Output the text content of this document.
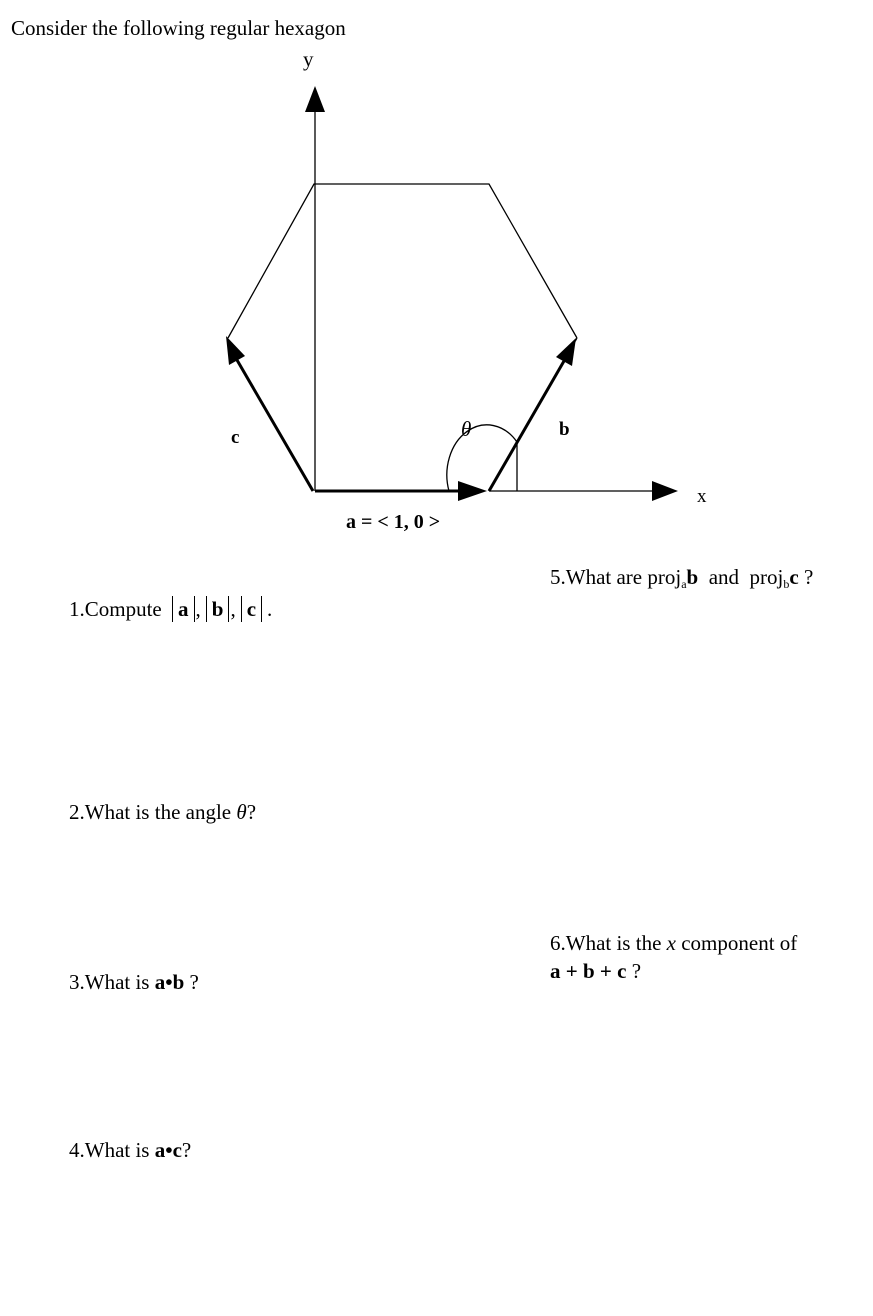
Consider the following regular hexagon
y
x
c	b
θ
a = < 1, 0 >
1.Compute a , b , c .
2.What is the angle θ?
3.What is a•b ?
4.What is a•c?
5.What are proj$_a$b and proj$_b$c ?
6.What is the x component of
a + b + c ?
